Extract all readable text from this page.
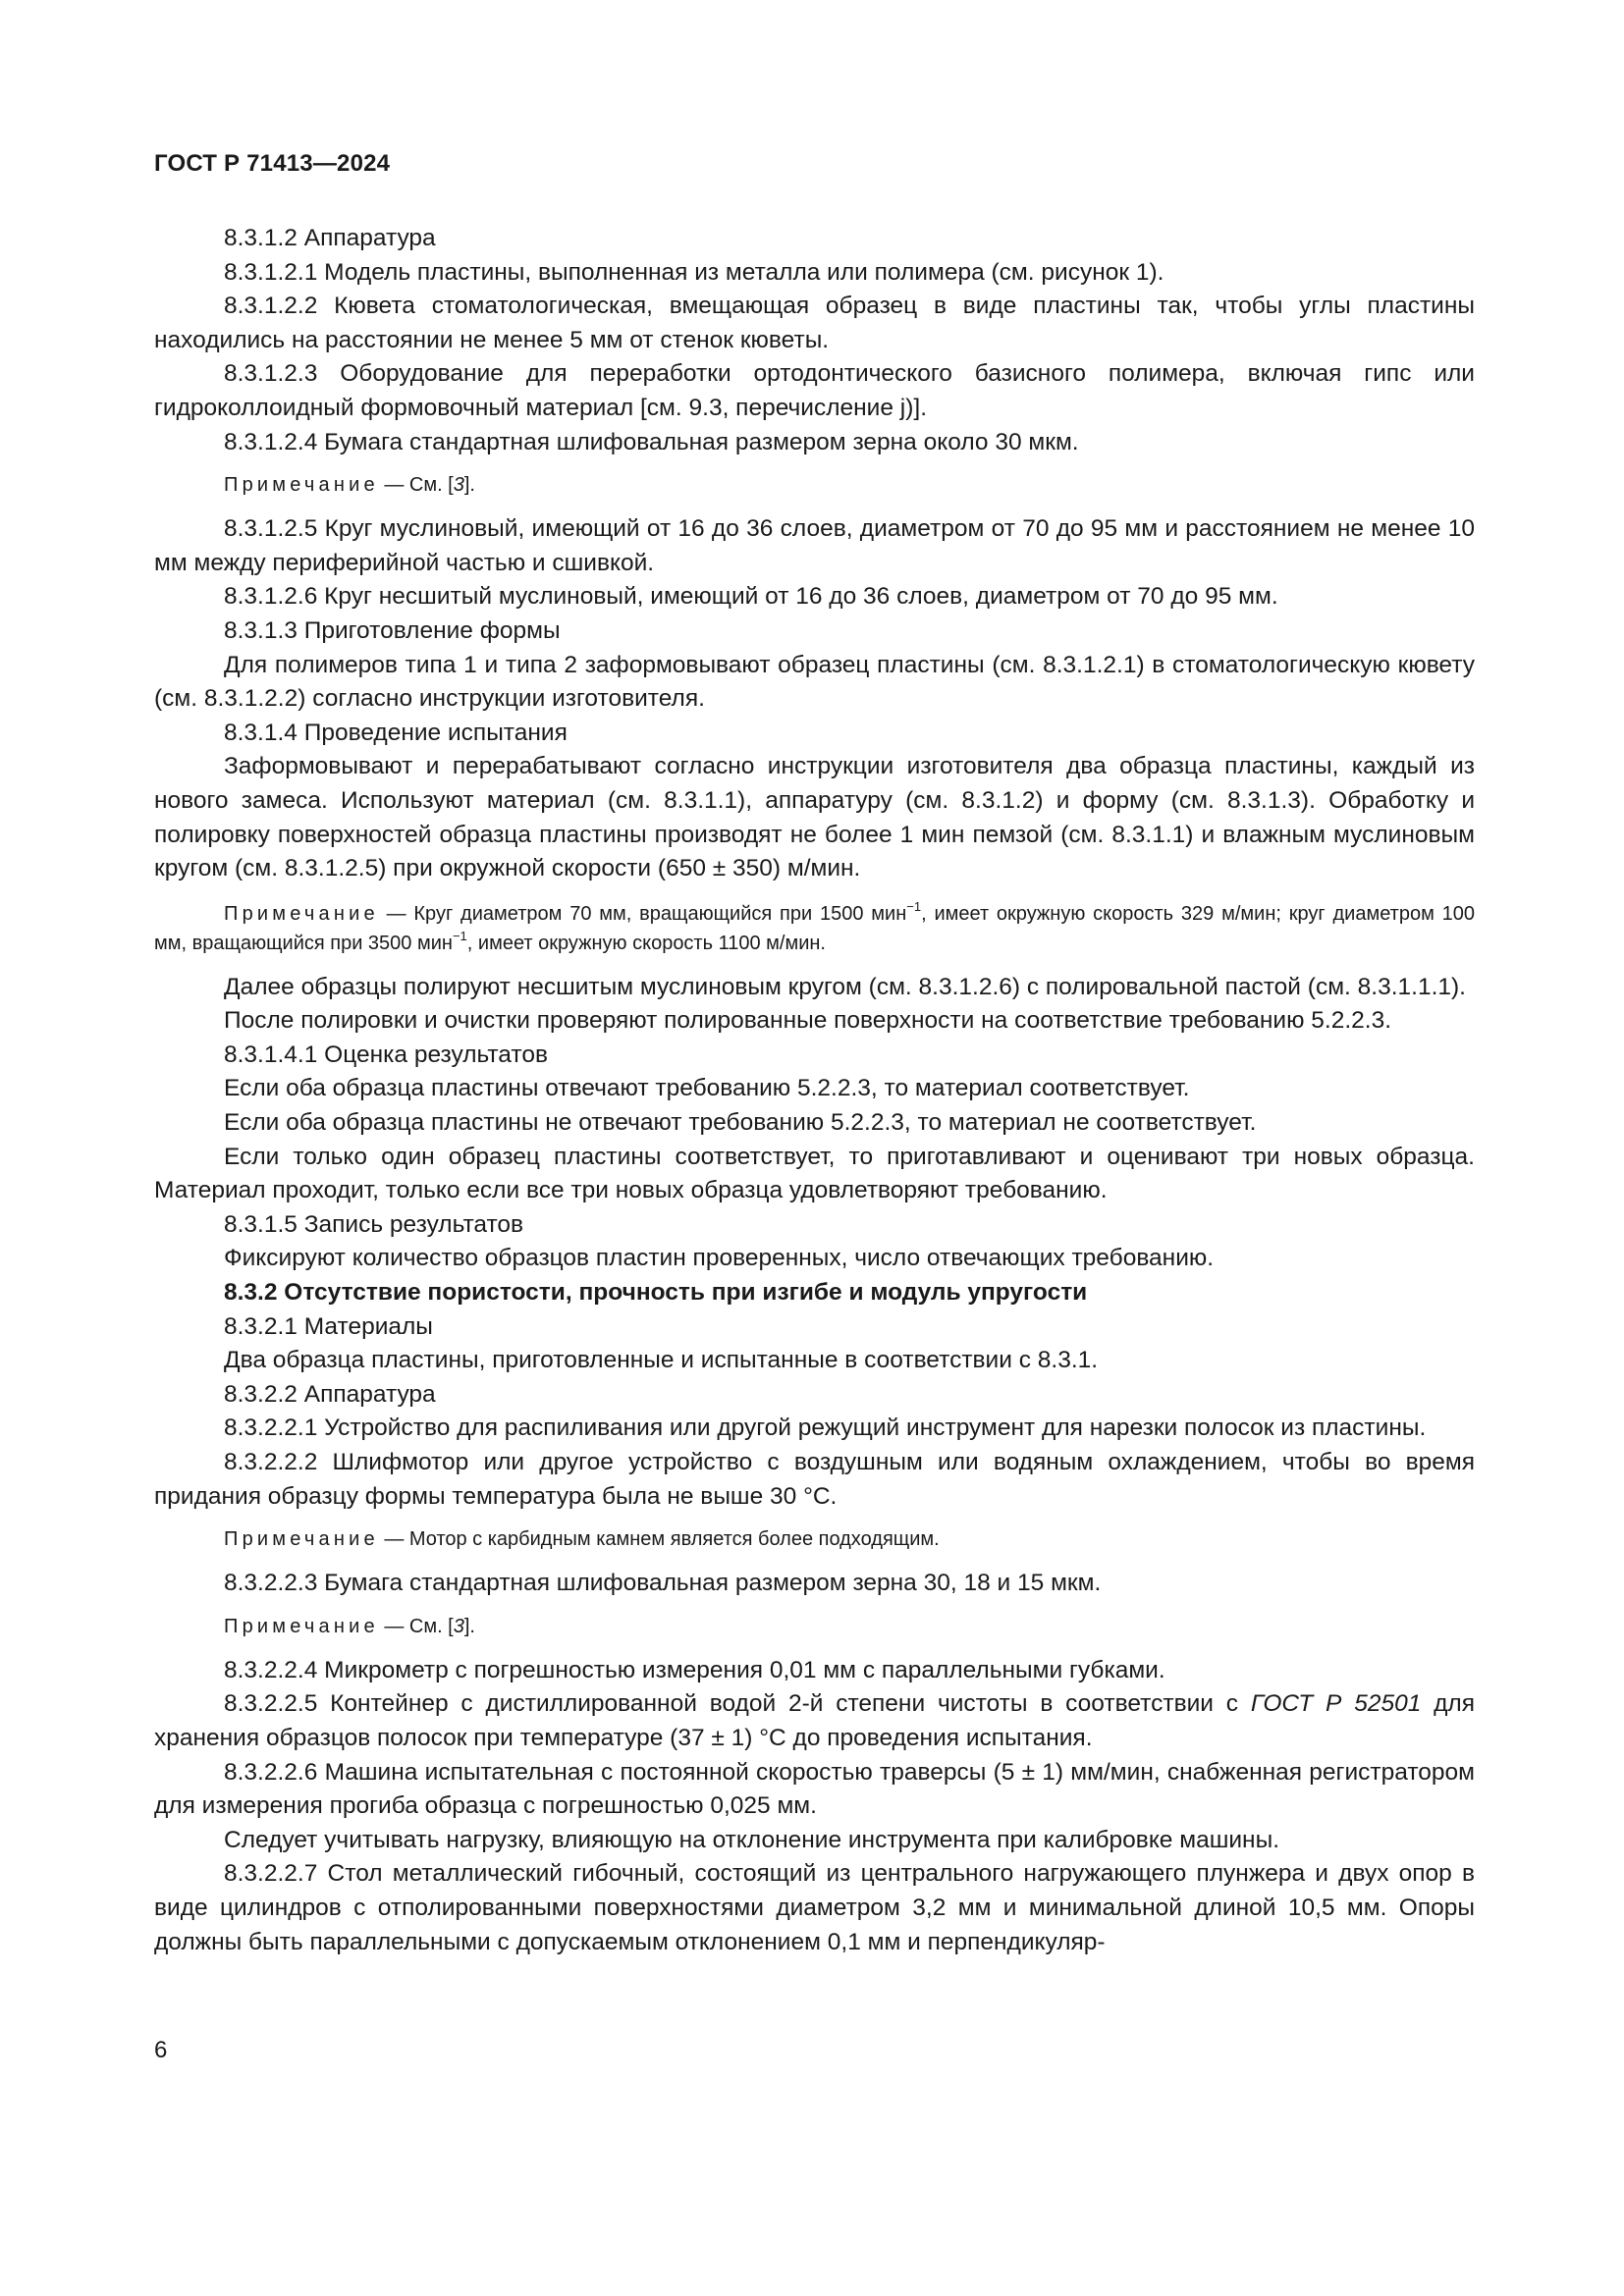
ГОСТ Р 71413—2024

8.3.1.2 Аппаратура

8.3.1.2.1 Модель пластины, выполненная из металла или полимера (см. рисунок 1).

8.3.1.2.2 Кювета стоматологическая, вмещающая образец в виде пластины так, чтобы углы пластины находились на расстоянии не менее 5 мм от стенок кюветы.

8.3.1.2.3 Оборудование для переработки ортодонтического базисного полимера, включая гипс или гидроколлоидный формовочный материал [см. 9.3, перечисление j)].

8.3.1.2.4 Бумага стандартная шлифовальная размером зерна около 30 мкм.

Примечание — См. [3].

8.3.1.2.5 Круг муслиновый, имеющий от 16 до 36 слоев, диаметром от 70 до 95 мм и расстоянием не менее 10 мм между периферийной частью и сшивкой.

8.3.1.2.6 Круг несшитый муслиновый, имеющий от 16 до 36 слоев, диаметром от 70 до 95 мм.

8.3.1.3 Приготовление формы

Для полимеров типа 1 и типа 2 заформовывают образец пластины (см. 8.3.1.2.1) в стоматологическую кювету (см. 8.3.1.2.2) согласно инструкции изготовителя.

8.3.1.4 Проведение испытания

Заформовывают и перерабатывают согласно инструкции изготовителя два образца пластины, каждый из нового замеса. Используют материал (см. 8.3.1.1), аппаратуру (см. 8.3.1.2) и форму (см. 8.3.1.3). Обработку и полировку поверхностей образца пластины производят не более 1 мин пемзой (см. 8.3.1.1) и влажным муслиновым кругом (см. 8.3.1.2.5) при окружной скорости (650 ± 350) м/мин.

Примечание — Круг диаметром 70 мм, вращающийся при 1500 мин$^{-1}$, имеет окружную скорость 329 м/мин; круг диаметром 100 мм, вращающийся при 3500 мин$^{-1}$, имеет окружную скорость 1100 м/мин.

Далее образцы полируют несшитым муслиновым кругом (см. 8.3.1.2.6) с полировальной пастой (см. 8.3.1.1.1).

После полировки и очистки проверяют полированные поверхности на соответствие требованию 5.2.2.3.

8.3.1.4.1 Оценка результатов

Если оба образца пластины отвечают требованию 5.2.2.3, то материал соответствует.

Если оба образца пластины не отвечают требованию 5.2.2.3, то материал не соответствует.

Если только один образец пластины соответствует, то приготавливают и оценивают три новых образца. Материал проходит, только если все три новых образца удовлетворяют требованию.

8.3.1.5 Запись результатов

Фиксируют количество образцов пластин проверенных, число отвечающих требованию.

8.3.2 Отсутствие пористости, прочность при изгибе и модуль упругости

8.3.2.1 Материалы

Два образца пластины, приготовленные и испытанные в соответствии с 8.3.1.

8.3.2.2 Аппаратура

8.3.2.2.1 Устройство для распиливания или другой режущий инструмент для нарезки полосок из пластины.

8.3.2.2.2 Шлифмотор или другое устройство с воздушным или водяным охлаждением, чтобы во время придания образцу формы температура была не выше 30 °С.

Примечание — Мотор с карбидным камнем является более подходящим.

8.3.2.2.3 Бумага стандартная шлифовальная размером зерна 30, 18 и 15 мкм.

Примечание — См. [3].

8.3.2.2.4 Микрометр с погрешностью измерения 0,01 мм с параллельными губками.

8.3.2.2.5 Контейнер с дистиллированной водой 2-й степени чистоты в соответствии с ГОСТ Р 52501 для хранения образцов полосок при температуре (37 ± 1) °С до проведения испытания.

8.3.2.2.6 Машина испытательная с постоянной скоростью траверсы (5 ± 1) мм/мин, снабженная регистратором для измерения прогиба образца с погрешностью 0,025 мм.

Следует учитывать нагрузку, влияющую на отклонение инструмента при калибровке машины.

8.3.2.2.7 Стол металлический гибочный, состоящий из центрального нагружающего плунжера и двух опор в виде цилиндров с отполированными поверхностями диаметром 3,2 мм и минимальной длиной 10,5 мм. Опоры должны быть параллельными с допускаемым отклонением 0,1 мм и перпендикуляр-

6
